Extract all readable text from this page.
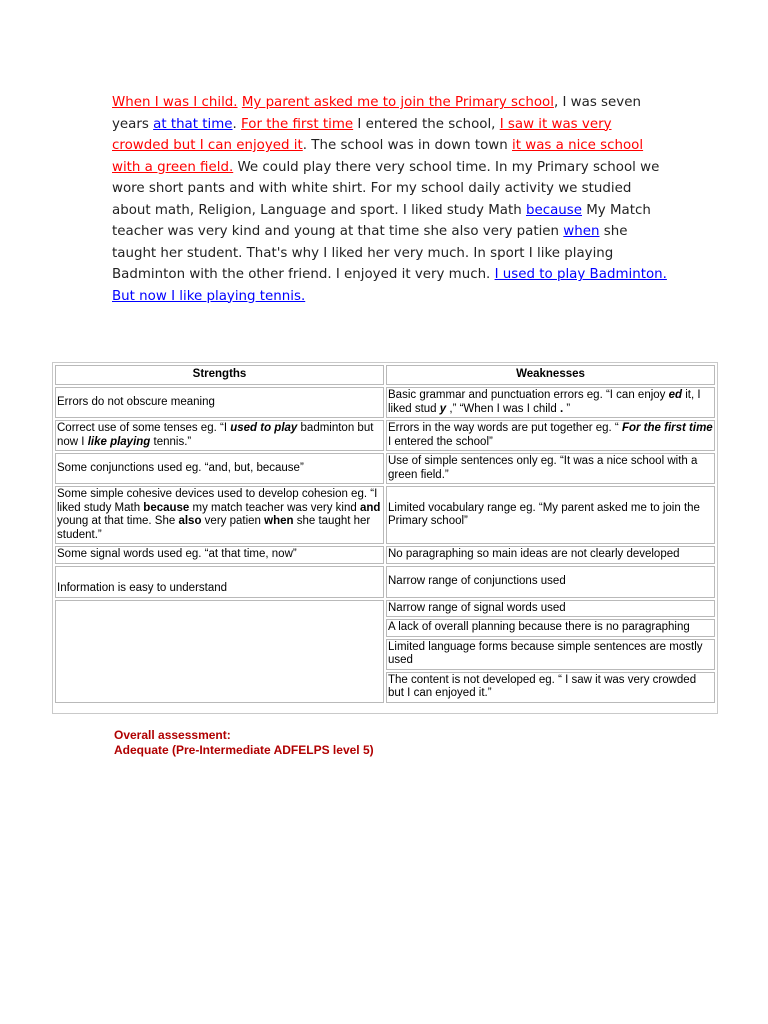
When I was I child. My parent asked me to join the Primary school, I was seven years at that time. For the first time I entered the school, I saw it was very crowded but I can enjoyed it. The school was in down town it was a nice school with a green field. We could play there very school time. In my Primary school we wore short pants and with white shirt. For my school daily activity we studied about math, Religion, Language and sport. I liked study Math because My Match teacher was very kind and young at that time she also very patien when she taught her student. That's why I liked her very much. In sport I like playing Badminton with the other friend. I enjoyed it very much. I used to play Badminton. But now I like playing tennis.
Strengths	Weaknesses
Errors do not obscure meaning	Basic grammar and punctuation errors eg. “I can enjoy ed it, I liked stud y ,” “When I was I child . ”
Correct use of some tenses eg. “I used to play badminton but now I like playing tennis.”	Errors in the way words are put together eg. “ For the first time I entered the school”
Some conjunctions used eg. “and, but, because”	Use of simple sentences only eg. “It was a nice school with a green field.”
Some simple cohesive devices used to develop cohesion eg. “I liked study Math because my match teacher was very kind and young at that time. She also very patien when she taught her student.”	Limited vocabulary range eg. “My parent asked me to join the Primary school”
Some signal words used eg. “at that time, now”	No paragraphing so main ideas are not clearly developed
Information is easy to understand	Narrow range of conjunctions used
	Narrow range of signal words used
	A lack of overall planning because there is no paragraphing
	Limited language forms because simple sentences are mostly used
	The content is not developed eg. “ I saw it was very crowded but I can enjoyed it.”
Overall assessment:
Adequate (Pre-Intermediate ADFELPS level 5)
